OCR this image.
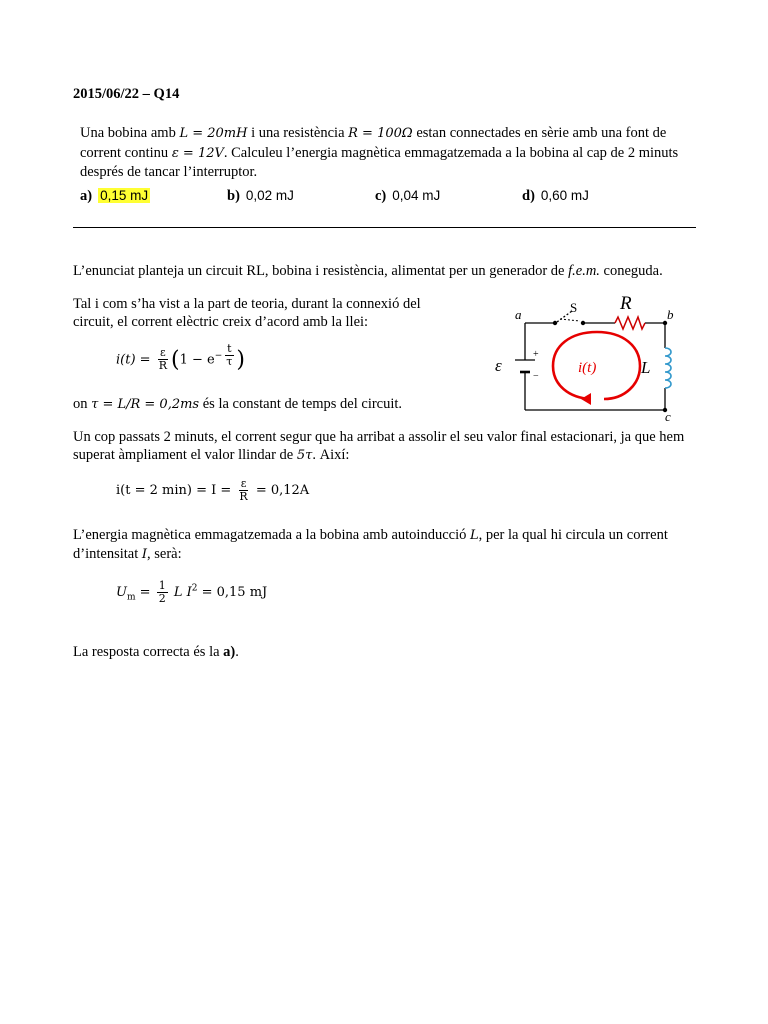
2015/06/22 – Q14
Una bobina amb L = 20mH i una resistència R = 100Ω estan connectades en sèrie amb una font de corrent continu ε = 12V. Calculeu l’energia magnètica emmagatzemada a la bobina al cap de 2 minuts després de tancar l’interruptor.
a) 0,15 mJ	b) 0,02 mJ	c) 0,04 mJ	d) 0,60 mJ
L’enunciat planteja un circuit RL, bobina i resistència, alimentat per un generador de f.e.m. coneguda.
Tal i com s’ha vist a la part de teoria, durant la connexió del circuit, el corrent elèctric creix d’acord amb la llei:
$i(t) = \frac{\varepsilon}{R} (1 - e^{- \frac{t}{\tau}}$ )
on τ = L/R = 0,2ms és la constant de temps del circuit.
Un cop passats 2 minuts, el corrent segur que ha arribat a assolir el seu valor final estacionari, ja que hem superat àmpliament el valor llindar de 5τ. Així:
i(t = 2 $\min) = I = \frac{\varepsilon}{R} = 0,12A$
L’energia magnètica emmagatzemada a la bobina amb autoinducció L, per la qual hi circula un corrent d’intensitat I, serà:
$U_m = \frac{1}{2}$ L $I^2 = 0,15$ mJ
La resposta correcta és la a).
+
−
a	b
c
S R
L
ε	i(t)
